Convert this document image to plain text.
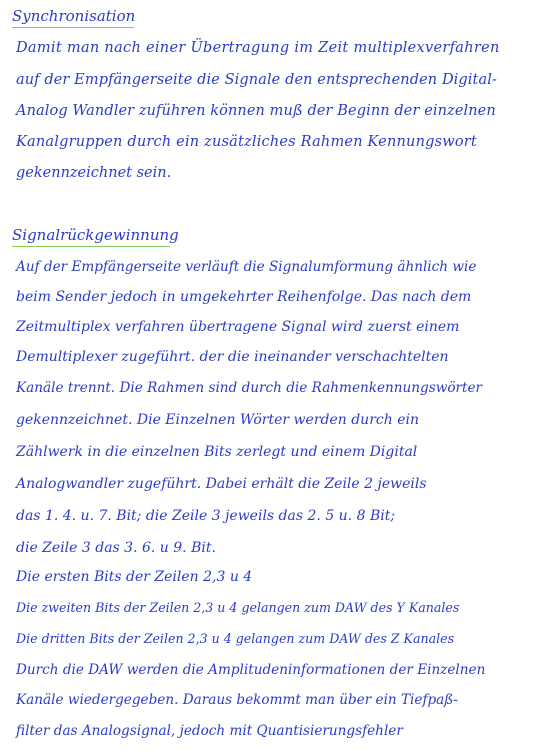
Synchronisation
Damit man nach einer Übertragung im Zeit multiplexverfahren
auf der Empfängerseite die Signale den entsprechenden Digital-
Analog Wandler zuführen können muß der Beginn der einzelnen
Kanalgruppen durch ein zusätzliches Rahmen Kennungswort
gekennzeichnet sein.
Signalrückgewinnung
Auf der Empfängerseite verläuft die Signalumformung ähnlich wie
beim Sender jedoch in umgekehrter Reihenfolge. Das nach dem
Zeitmultiplex verfahren übertragene Signal wird zuerst einem
Demultiplexer zugeführt. der die ineinander verschachtelten
Kanäle trennt. Die Rahmen sind durch die Rahmenkennungswörter
gekennzeichnet. Die Einzelnen Wörter werden durch ein
Zählwerk in die einzelnen Bits zerlegt und einem Digital
Analogwandler zugeführt. Dabei erhält die Zeile 2 jeweils
das 1. 4. u. 7. Bit; die Zeile 3 jeweils das 2. 5 u. 8 Bit;
die Zeile 3 das 3. 6. u 9. Bit.
Die ersten Bits der Zeilen 2,3 u 4
Die zweiten Bits der Zeilen 2,3 u 4 gelangen zum DAW des Y Kanales
Die dritten Bits der Zeilen 2,3 u 4 gelangen zum DAW des Z Kanales
Durch die DAW werden die Amplitudeninformationen der Einzelnen
Kanäle wiedergegeben. Daraus bekommt man über ein Tiefpaß-
filter das Analogsignal, jedoch mit Quantisierungsfehler
